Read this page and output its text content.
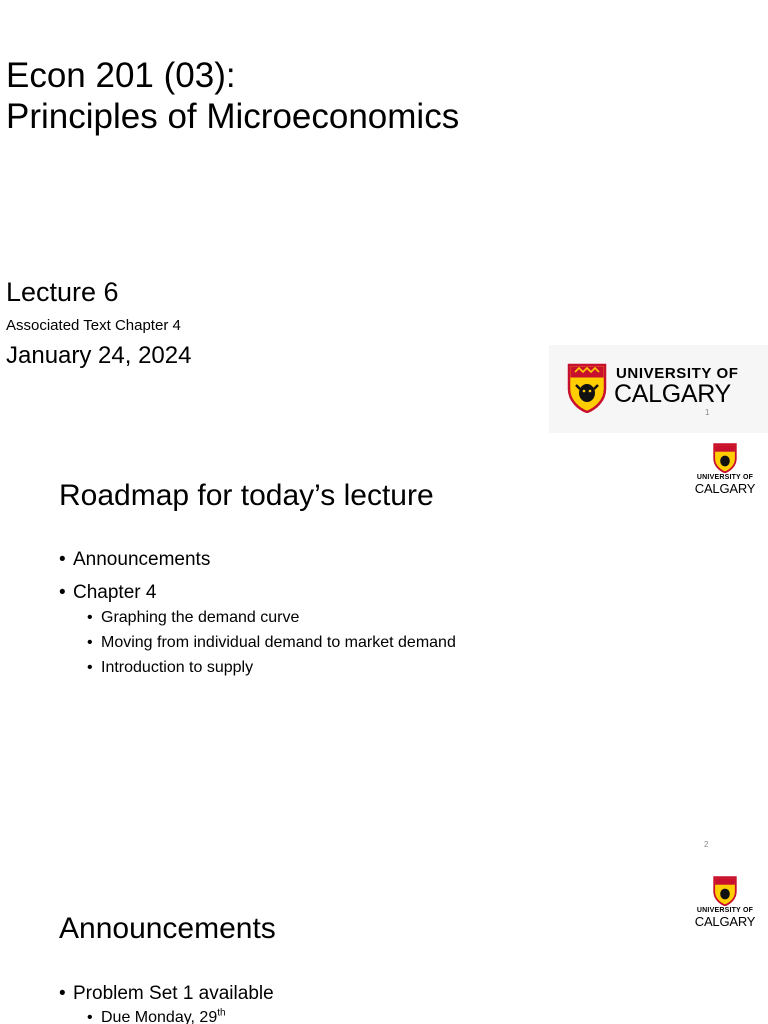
Econ 201 (03):
Principles of Microeconomics
Lecture 6
Associated Text Chapter 4
January 24, 2024
UNIVERSITY OF
CALGARY
1
UNIVERSITY OF
CALGARY
Roadmap for today’s lecture
• Announcements
• Chapter 4
• Graphing the demand curve
• Moving from individual demand to market demand
• Introduction to supply
2
UNIVERSITY OF
CALGARY
Announcements
• Problem Set 1 available
• Due Monday, 29th
